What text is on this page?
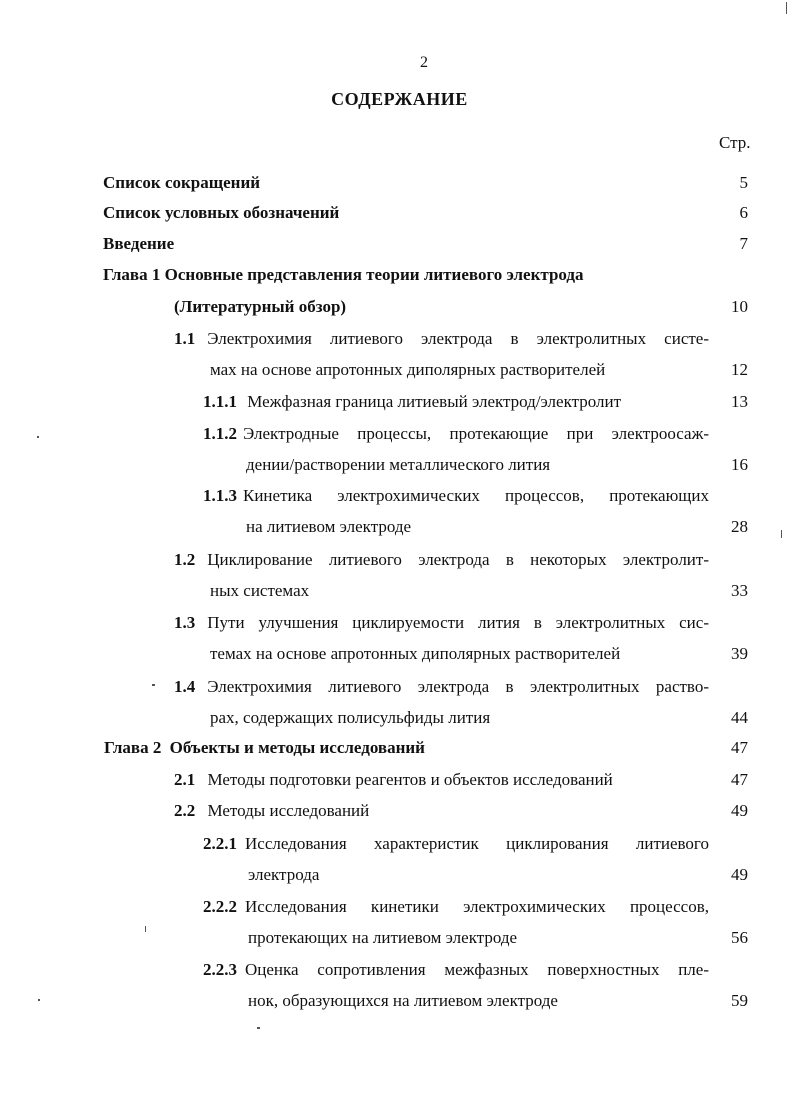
2
СОДЕРЖАНИЕ
Стр.
Список сокращений	5
Список условных обозначений	6
Введение	7
Глава 1 Основные представления теории литиевого электрода
(Литературный обзор)	10
1.1 Электрохимия литиевого электрода в электролитных систе-
мах на основе апротонных диполярных растворителей	12
1.1.1 Межфазная граница литиевый электрод/электролит	13
1.1.2 Электродные процессы, протекающие при электроосаж-
дении/растворении металлического лития	16
1.1.3 Кинетика электрохимических процессов, протекающих
на литиевом электроде	28
1.2 Циклирование литиевого электрода в некоторых электролит-
ных системах	33
1.3 Пути улучшения циклируемости лития в электролитных сис-
темах на основе апротонных диполярных растворителей	39
1.4 Электрохимия литиевого электрода в электролитных раство-
рах, содержащих полисульфиды лития	44
Глава 2 Объекты и методы исследований	47
2.1 Методы подготовки реагентов и объектов исследований	47
2.2 Методы исследований	49
2.2.1 Исследования характеристик циклирования литиевого
электрода	49
2.2.2 Исследования кинетики электрохимических процессов,
протекающих на литиевом электроде	56
2.2.3 Оценка сопротивления межфазных поверхностных пле-
нок, образующихся на литиевом электроде	59
